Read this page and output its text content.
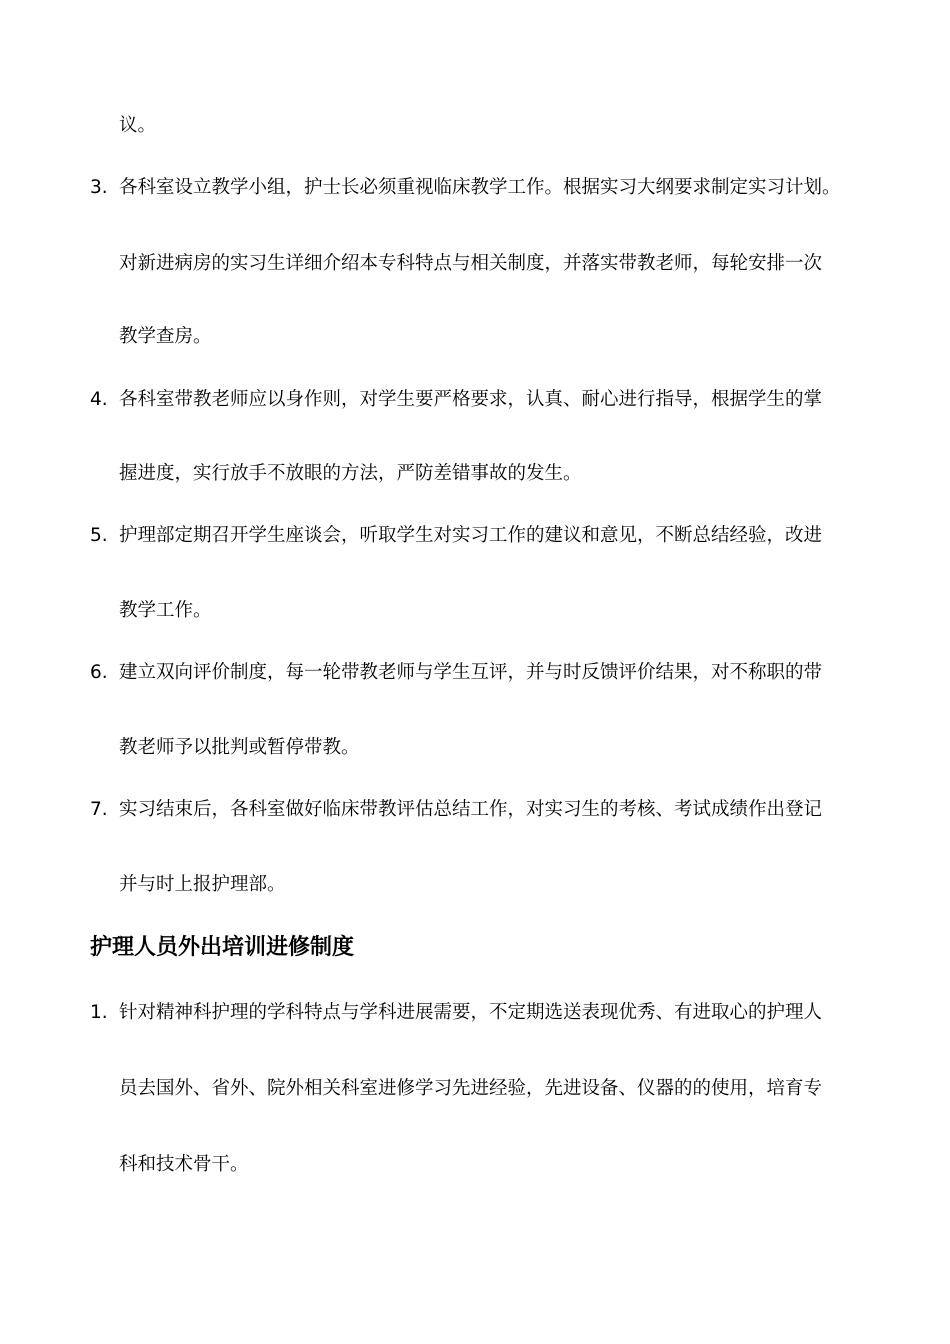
议。
3. 各科室设立教学小组，护士长必须重视临床教学工作。根据实习大纲要求制定实习计划。
对新进病房的实习生详细介绍本专科特点与相关制度，并落实带教老师，每轮安排一次
教学查房。
4. 各科室带教老师应以身作则，对学生要严格要求，认真、耐心进行指导，根据学生的掌
握进度，实行放手不放眼的方法，严防差错事故的发生。
5. 护理部定期召开学生座谈会，听取学生对实习工作的建议和意见，不断总结经验，改进
教学工作。
6. 建立双向评价制度，每一轮带教老师与学生互评，并与时反馈评价结果，对不称职的带
教老师予以批判或暂停带教。
7. 实习结束后，各科室做好临床带教评估总结工作，对实习生的考核、考试成绩作出登记
并与时上报护理部。
护理人员外出培训进修制度
1. 针对精神科护理的学科特点与学科进展需要，不定期选送表现优秀、有进取心的护理人
员去国外、省外、院外相关科室进修学习先进经验，先进设备、仪器的的使用，培育专
科和技术骨干。
